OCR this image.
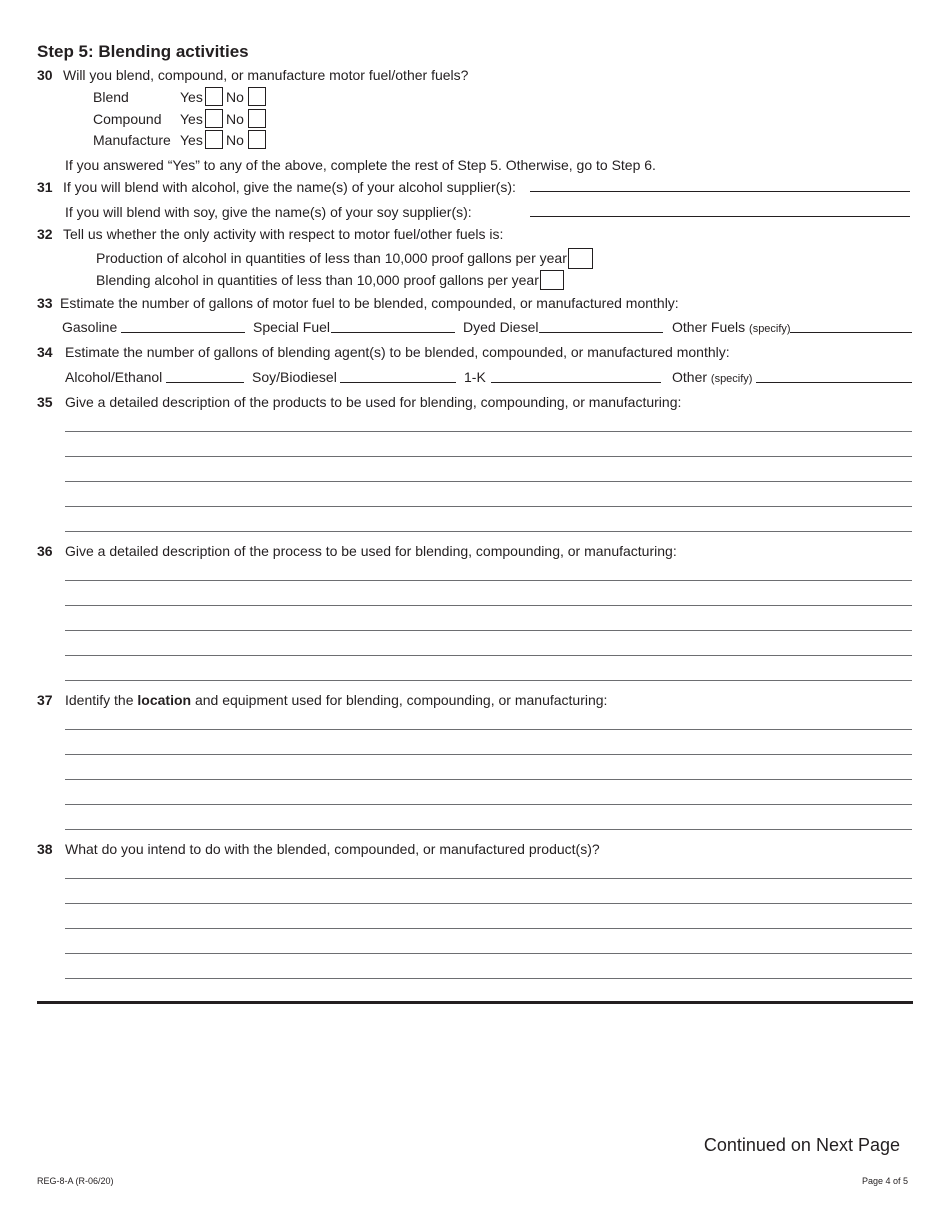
Step 5: Blending activities
30 Will you blend, compound, or manufacture motor fuel/other fuels?
Blend	Yes No
Compound Yes No
Manufacture Yes No
If you answered “Yes” to any of the above, complete the rest of Step 5. Otherwise, go to Step 6.
31 If you will blend with alcohol, give the name(s) of your alcohol supplier(s):
If you will blend with soy, give the name(s) of your soy supplier(s):
32 Tell us whether the only activity with respect to motor fuel/other fuels is:
Production of alcohol in quantities of less than 10,000 proof gallons per year
Blending alcohol in quantities of less than 10,000 proof gallons per year
33 Estimate the number of gallons of motor fuel to be blended, compounded, or manufactured monthly:
Gasoline	Special Fuel	Dyed Diesel	Other Fuels (specify)
34 Estimate the number of gallons of blending agent(s) to be blended, compounded, or manufactured monthly:
Alcohol/Ethanol	Soy/Biodiesel	1-K	Other (specify)
35 Give a detailed description of the products to be used for blending, compounding, or manufacturing:
36 Give a detailed description of the process to be used for blending, compounding, or manufacturing:
37 Identify the location and equipment used for blending, compounding, or manufacturing:
38 What do you intend to do with the blended, compounded, or manufactured product(s)?
Continued on Next Page
REG-8-A (R-06/20)	Page 4 of 5
